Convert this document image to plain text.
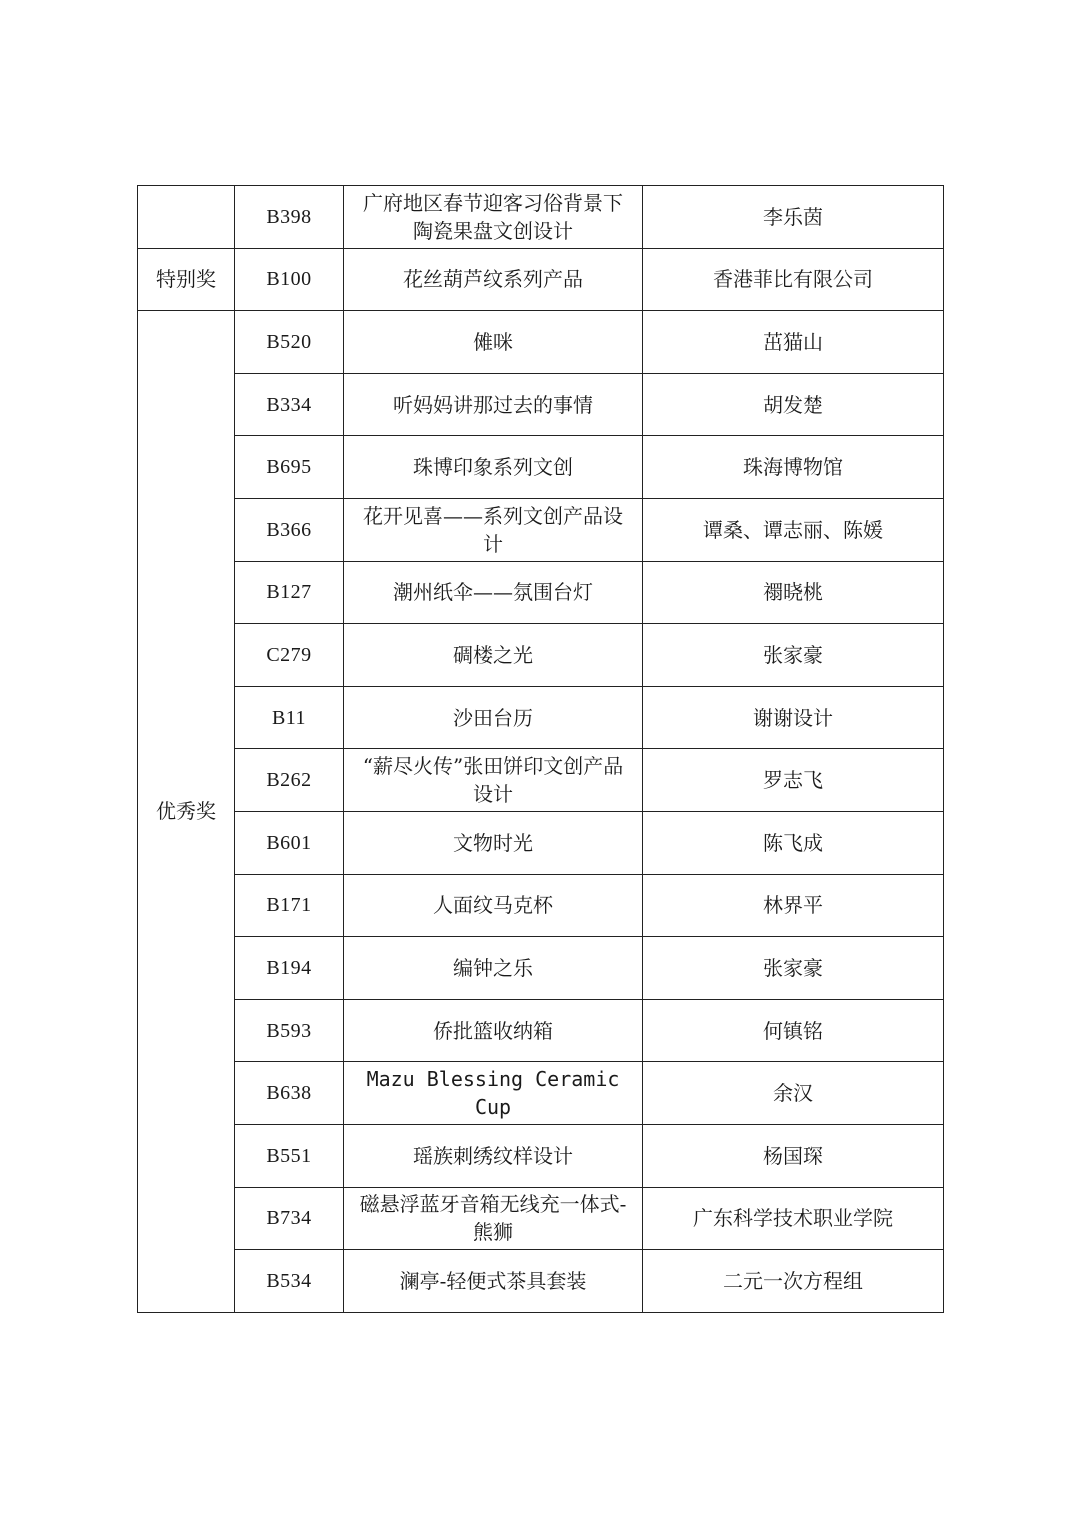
	B398	广府地区春节迎客习俗背景下陶瓷果盘文创设计	李乐茵
特别奖	B100	花丝葫芦纹系列产品	香港菲比有限公司
优秀奖	B520	傩咪	茁猫山
	B334	听妈妈讲那过去的事情	胡发楚
	B695	珠博印象系列文创	珠海博物馆
	B366	花开见喜——系列文创产品设计	谭桑、谭志丽、陈媛
	B127	潮州纸伞——氛围台灯	禤晓桃
	C279	碉楼之光	张家豪
	B11	沙田台历	谢谢设计
	B262	“薪尽火传”张田饼印文创产品设计	罗志飞
	B601	文物时光	陈飞成
	B171	人面纹马克杯	林界平
	B194	编钟之乐	张家豪
	B593	侨批篮收纳箱	何镇铭
	B638	Mazu Blessing Ceramic Cup	余汉
	B551	瑶族刺绣纹样设计	杨国琛
	B734	磁悬浮蓝牙音箱无线充一体式-熊狮	广东科学技术职业学院
	B534	澜亭-轻便式茶具套装	二元一次方程组
